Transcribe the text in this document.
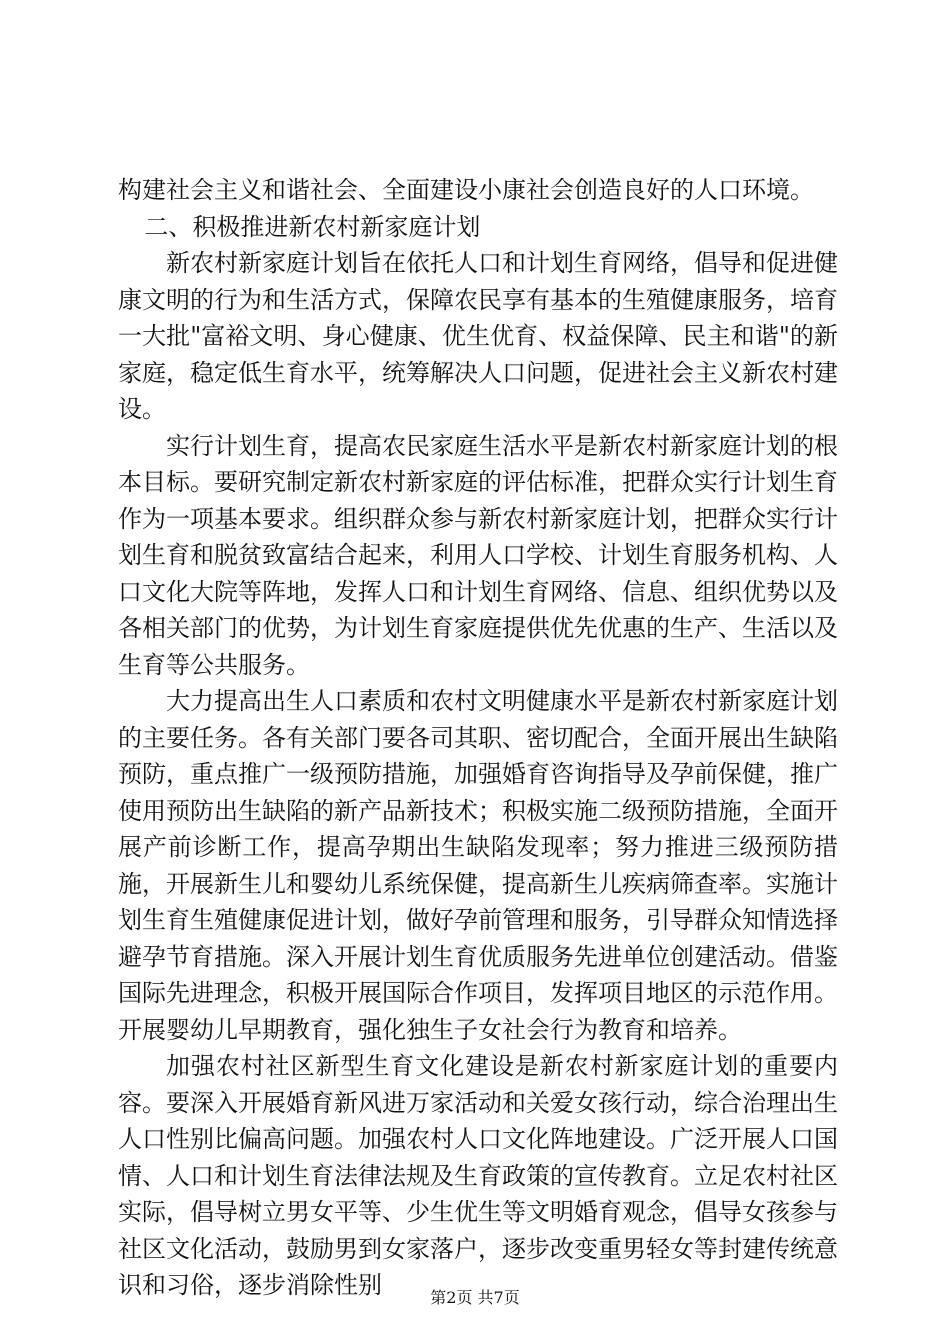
构建社会主义和谐社会、全面建设小康社会创造良好的人口环境。

二、积极推进新农村新家庭计划

新农村新家庭计划旨在依托人口和计划生育网络，倡导和促进健康文明的行为和生活方式，保障农民享有基本的生殖健康服务，培育一大批"富裕文明、身心健康、优生优育、权益保障、民主和谐"的新家庭，稳定低生育水平，统筹解决人口问题，促进社会主义新农村建设。

实行计划生育，提高农民家庭生活水平是新农村新家庭计划的根本目标。要研究制定新农村新家庭的评估标准，把群众实行计划生育作为一项基本要求。组织群众参与新农村新家庭计划，把群众实行计划生育和脱贫致富结合起来，利用人口学校、计划生育服务机构、人口文化大院等阵地，发挥人口和计划生育网络、信息、组织优势以及各相关部门的优势，为计划生育家庭提供优先优惠的生产、生活以及生育等公共服务。

大力提高出生人口素质和农村文明健康水平是新农村新家庭计划的主要任务。各有关部门要各司其职、密切配合，全面开展出生缺陷预防，重点推广一级预防措施，加强婚育咨询指导及孕前保健，推广使用预防出生缺陷的新产品新技术；积极实施二级预防措施，全面开展产前诊断工作，提高孕期出生缺陷发现率；努力推进三级预防措施，开展新生儿和婴幼儿系统保健，提高新生儿疾病筛查率。实施计划生育生殖健康促进计划，做好孕前管理和服务，引导群众知情选择避孕节育措施。深入开展计划生育优质服务先进单位创建活动。借鉴国际先进理念，积极开展国际合作项目，发挥项目地区的示范作用。开展婴幼儿早期教育，强化独生子女社会行为教育和培养。

加强农村社区新型生育文化建设是新农村新家庭计划的重要内容。要深入开展婚育新风进万家活动和关爱女孩行动，综合治理出生人口性别比偏高问题。加强农村人口文化阵地建设。广泛开展人口国情、人口和计划生育法律法规及生育政策的宣传教育。立足农村社区实际，倡导树立男女平等、少生优生等文明婚育观念，倡导女孩参与社区文化活动，鼓励男到女家落户，逐步改变重男轻女等封建传统意识和习俗，逐步消除性别	第2页 共7页
